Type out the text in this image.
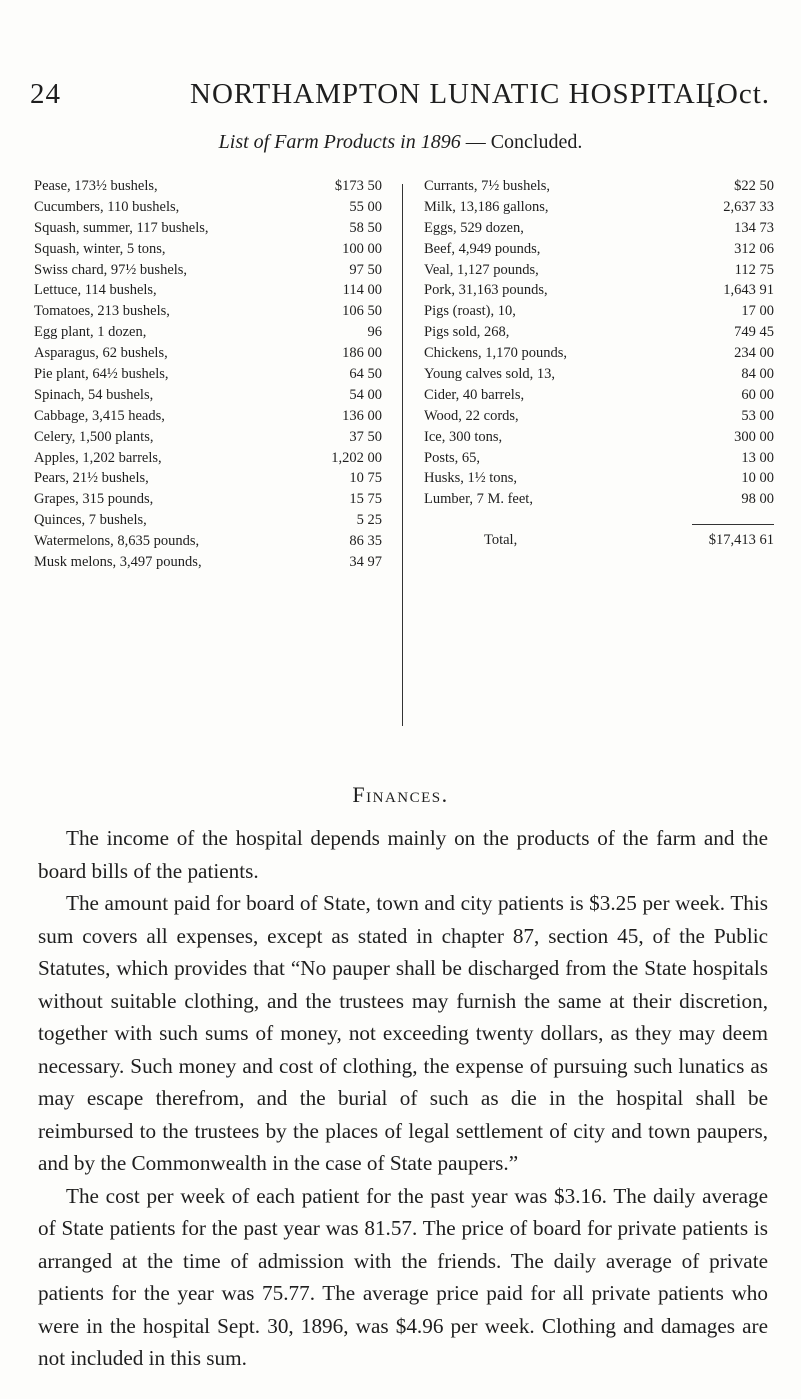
24	NORTHAMPTON LUNATIC HOSPITAL.
[Oct.
List of Farm Products in 1896 — Concluded.
Pease, 173½ bushels,	$173 50
Cucumbers, 110 bushels,	55 00
Squash, summer, 117 bushels,	58 50
Squash, winter, 5 tons,	100 00
Swiss chard, 97½ bushels,	97 50
Lettuce, 114 bushels,	114 00
Tomatoes, 213 bushels,	106 50
Egg plant, 1 dozen,	96
Asparagus, 62 bushels,	186 00
Pie plant, 64½ bushels,	64 50
Spinach, 54 bushels,	54 00
Cabbage, 3,415 heads,	136 00
Celery, 1,500 plants,	37 50
Apples, 1,202 barrels,	1,202 00
Pears, 21½ bushels,	10 75
Grapes, 315 pounds,	15 75
Quinces, 7 bushels,	5 25
Watermelons, 8,635 pounds,	86 35
Musk melons, 3,497 pounds,	34 97
Currants, 7½ bushels,	$22 50
Milk, 13,186 gallons,	2,637 33
Eggs, 529 dozen,	134 73
Beef, 4,949 pounds,	312 06
Veal, 1,127 pounds,	112 75
Pork, 31,163 pounds,	1,643 91
Pigs (roast), 10,	17 00
Pigs sold, 268,	749 45
Chickens, 1,170 pounds,	234 00
Young calves sold, 13,	84 00
Cider, 40 barrels,	60 00
Wood, 22 cords,	53 00
Ice, 300 tons,	300 00
Posts, 65,	13 00
Husks, 1½ tons,	10 00
Lumber, 7 M. feet,	98 00
Total,	$17,413 61
Finances.

The income of the hospital depends mainly on the products of the farm and the board bills of the patients.

The amount paid for board of State, town and city patients is $3.25 per week. This sum covers all expenses, except as stated in chapter 87, section 45, of the Public Statutes, which provides that “No pauper shall be discharged from the State hospitals without suitable clothing, and the trustees may furnish the same at their discretion, together with such sums of money, not exceeding twenty dollars, as they may deem necessary. Such money and cost of clothing, the expense of pursuing such lunatics as may escape therefrom, and the burial of such as die in the hospital shall be reimbursed to the trustees by the places of legal settlement of city and town paupers, and by the Commonwealth in the case of State paupers.”

The cost per week of each patient for the past year was $3.16. The daily average of State patients for the past year was 81.57. The price of board for private patients is arranged at the time of admission with the friends. The daily average of private patients for the year was 75.77. The average price paid for all private patients who were in the hospital Sept. 30, 1896, was $4.96 per week. Clothing and damages are not included in this sum.
